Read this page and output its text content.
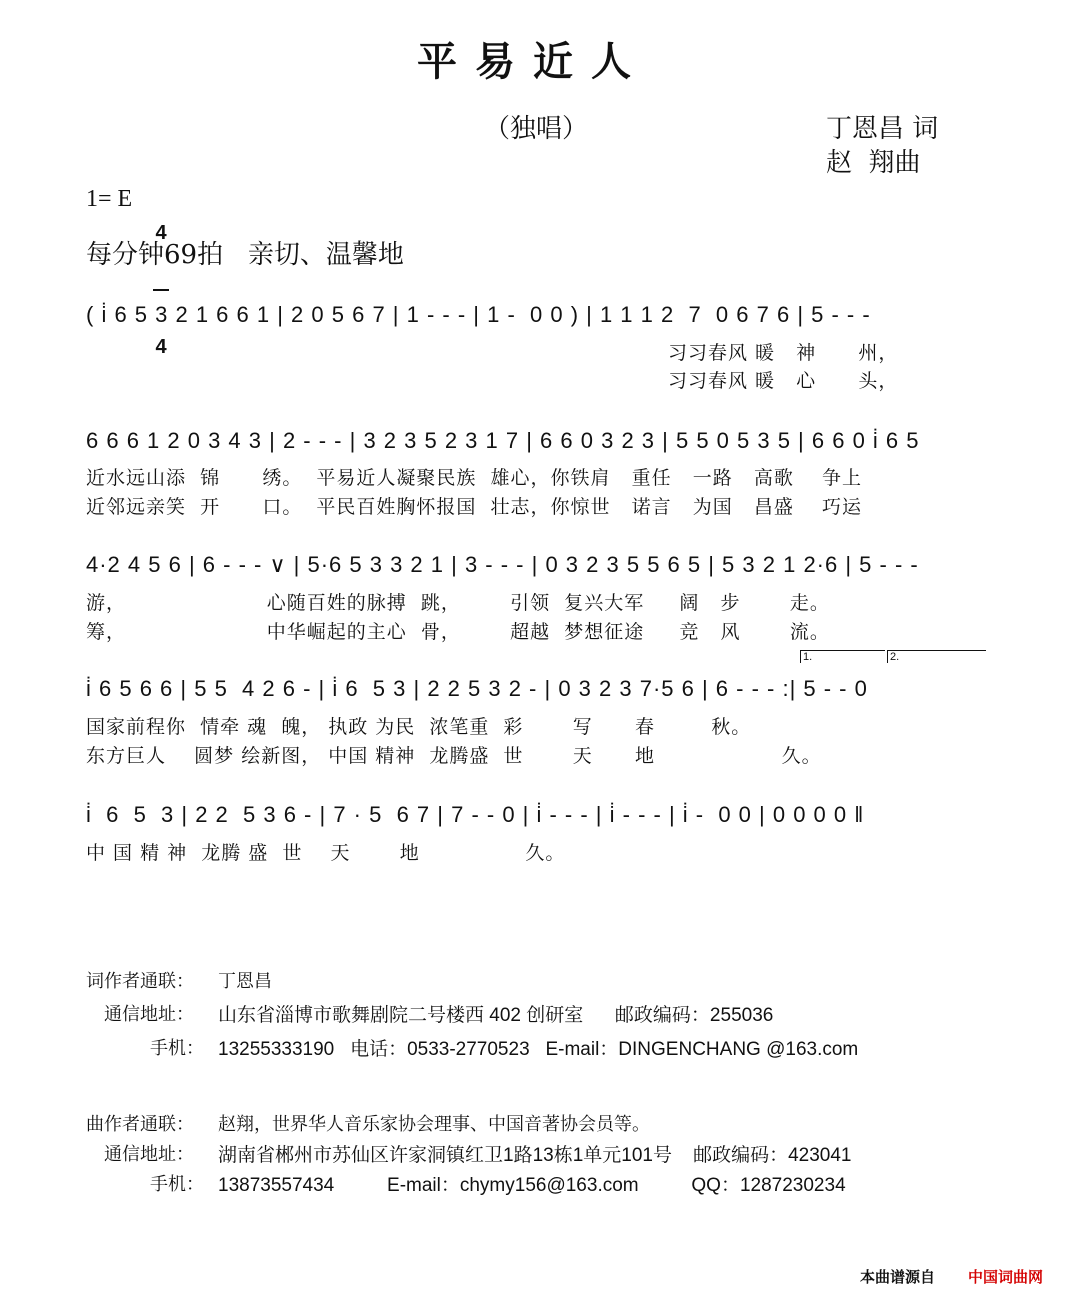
平易近人
（独唱）	丁恩昌 词
赵  翔曲
1= E

4

4

每分钟69拍   亲切、温馨地
( i̇ 6 5 3 2 1 6 6 1 | 2 0 5 6 7 | 1 - - - | 1 -  0 0 ) | 1 1 1 2  7  0 6 7 6 | 5 - - -
习习春风 暖   神      州，
习习春风 暖   心      头，
6 6 6 1 2 0 3 4 3 | 2 - - - | 3 2 3 5 2 3 1 7 | 6 6 0 3 2 3 | 5 5 0 5 3 5 | 6 6 0 i̇ 6 5
近水远山添  锦      绣。  平易近人凝聚民族  雄心，你铁肩   重任   一路   高歌    争上
近邻远亲笑  开      口。  平民百姓胸怀报国  壮志，你惊世   诺言   为国   昌盛    巧运
4·2 4 5 6 | 6 - - - ∨ | 5·6 5 3 3 2 1 | 3 - - - | 0 3 2 3 5 5 6 5 | 5 3 2 1 2·6 | 5 - - -
游，                    心随百姓的脉搏  跳，       引领  复兴大军     阔   步       走。
筹，                    中华崛起的主心  骨，       超越  梦想征途     竞   风       流。
1.	2.
i̇ 6 5 6 6 | 5 5  4 2 6 - | i̇ 6  5 3 | 2 2 5 3 2 - | 0 3 2 3 7·5 6 | 6 - - - :| 5 - - 0
国家前程你  情牵 魂  魄， 执政 为民  浓笔重  彩       写      春        秋。
东方巨人    圆梦 绘新图， 中国 精神  龙腾盛  世       天      地                  久。
i̇  6  5  3 | 2 2  5 3 6 - | 7 · 5  6 7 | 7 - - 0 | i̇ - - - | i̇ - - - | i̇ -  0 0 | 0 0 0 0 ‖
中 国 精 神  龙腾 盛  世    天       地               久。
词作者通联： 丁恩昌
通信地址： 山东省淄博市歌舞剧院二号楼西 402 创研室      邮政编码：255036
手机： 13255333190   电话：0533-2770523   E-mail：DINGENCHANG @163.com
曲作者通联： 赵翔，世界华人音乐家协会理事、中国音著协会员等。
通信地址： 湖南省郴州市苏仙区许家洞镇红卫1路13栋1单元101号    邮政编码：423041
手机： 13873557434          E-mail：chymy156@163.com          QQ：1287230234
本曲谱源自 中国词曲网
